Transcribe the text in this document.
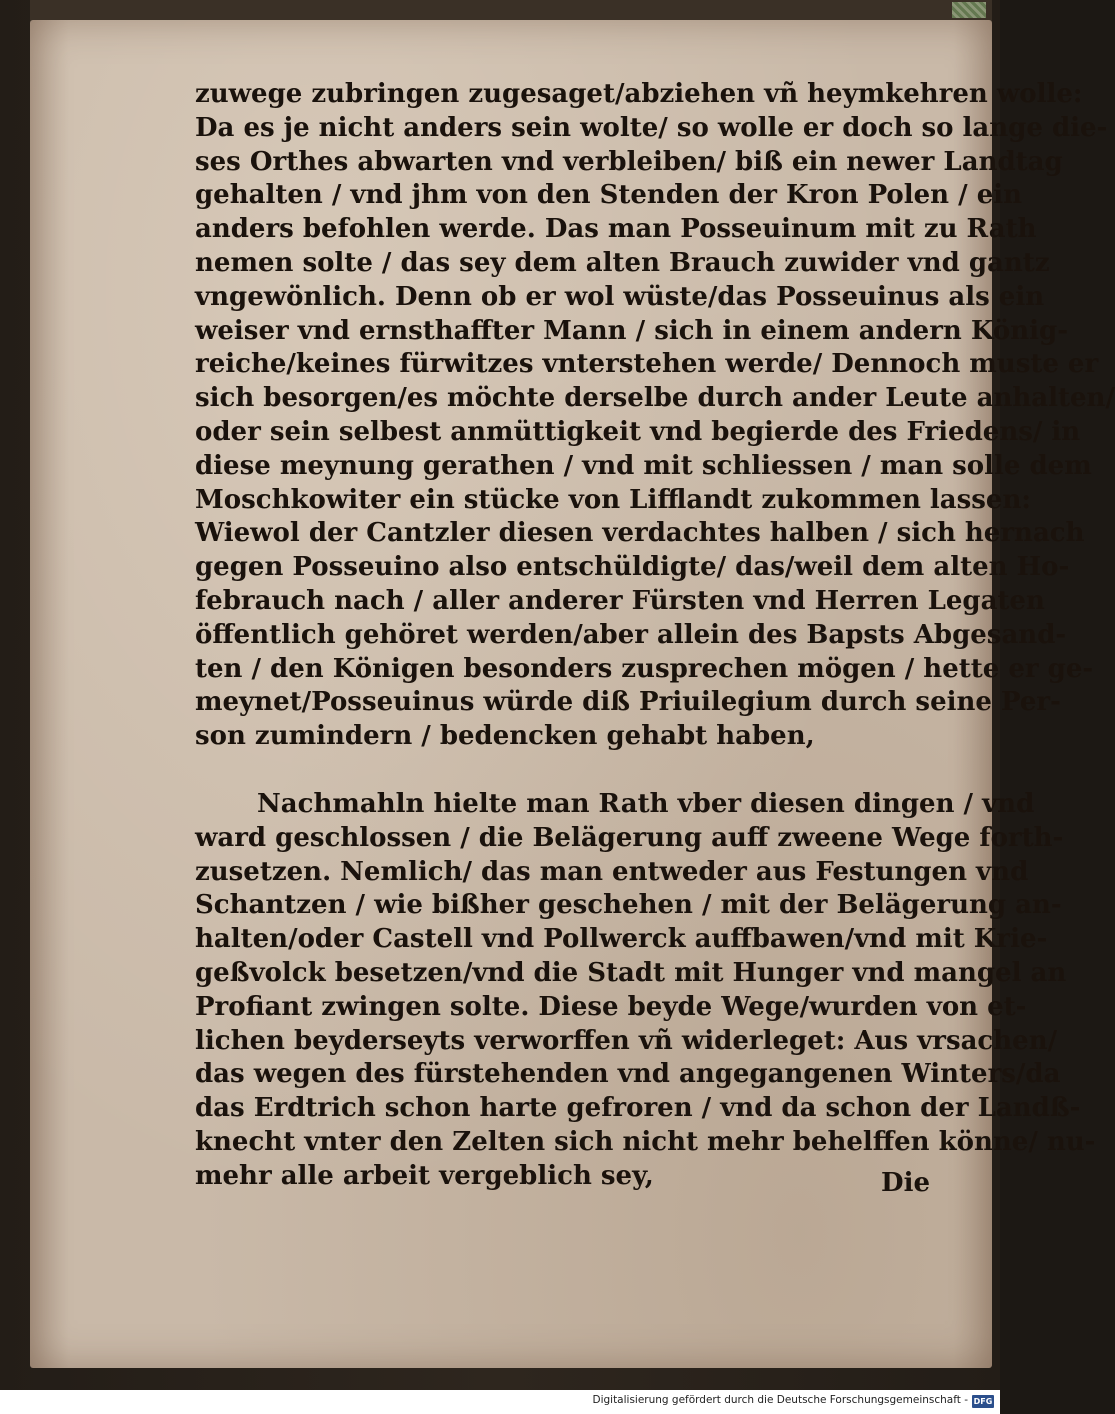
zuwege zubringen zugesaget/abziehen vñ heymkehren wolle:
Da es je nicht anders sein wolte/ so wolle er doch so lange die-
ses Orthes abwarten vnd verbleiben/ biß ein newer Landtag
gehalten / vnd jhm von den Stenden der Kron Polen / ein
anders befohlen werde. Das man Posseuinum mit zu Rath
nemen solte / das sey dem alten Brauch zuwider vnd gantz
vngewönlich. Denn ob er wol wüste/das Posseuinus als ein
weiser vnd ernsthaffter Mann / sich in einem andern König-
reiche/keines fürwitzes vnterstehen werde/ Dennoch muste er
sich besorgen/es möchte derselbe durch ander Leute anhalten/
oder sein selbest anmüttigkeit vnd begierde des Friedens/ in
diese meynung gerathen / vnd mit schliessen / man solle dem
Moschkowiter ein stücke von Lifflandt zukommen lassen:
Wiewol der Cantzler diesen verdachtes halben / sich hernach
gegen Posseuino also entschüldigte/ das/weil dem alten Ho-
febrauch nach / aller anderer Fürsten vnd Herren Legaten
öffentlich gehöret werden/aber allein des Bapsts Abgesand-
ten / den Königen besonders zusprechen mögen / hette er ge-
meynet/Posseuinus würde diß Priuilegium durch seine Per-
son zumindern / bedencken gehabt haben,
Nachmahln hielte man Rath vber diesen dingen / vnd
ward geschlossen / die Belägerung auff zweene Wege forth-
zusetzen. Nemlich/ das man entweder aus Festungen vnd
Schantzen / wie bißher geschehen / mit der Belägerung an-
halten/oder Castell vnd Pollwerck auffbawen/vnd mit Krie-
geßvolck besetzen/vnd die Stadt mit Hunger vnd mangel an
Profiant zwingen solte. Diese beyde Wege/wurden von et-
lichen beyderseyts verworffen vñ widerleget: Aus vrsachen/
das wegen des fürstehenden vnd angegangenen Winters/da
das Erdtrich schon harte gefroren / vnd da schon der Landß-
knecht vnter den Zelten sich nicht mehr behelffen könne/ nu-
mehr alle arbeit vergeblich sey,	Die
Digitalisierung gefördert durch die Deutsche Forschungsgemeinschaft - DFG
